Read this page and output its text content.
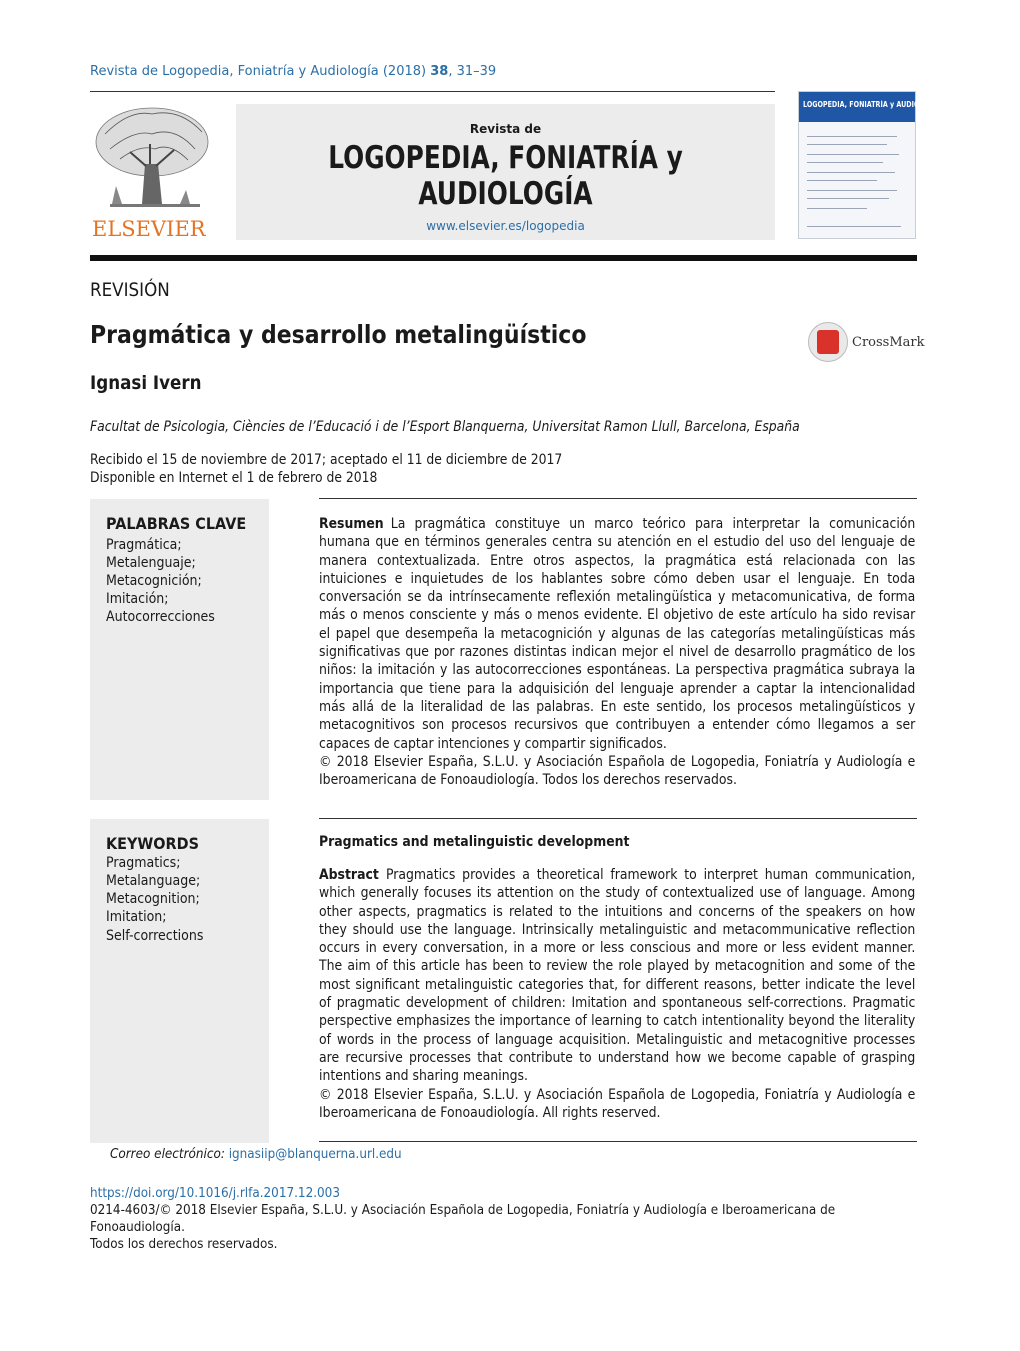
Revista de Logopedia, Foniatría y Audiología (2018) 38, 31–39
ELSEVIER
Revista de
LOGOPEDIA, FONIATRÍA y AUDIOLOGÍA
www.elsevier.es/logopedia
LOGOPEDIA, FONIATRÍA y AUDIOLOGÍA
REVISIÓN
Pragmática y desarrollo metalingüístico	CrossMark
Ignasi Ivern
Facultat de Psicologia, Ciències de l’Educació i de l’Esport Blanquerna, Universitat Ramon Llull, Barcelona, España
Recibido el 15 de noviembre de 2017; aceptado el 11 de diciembre de 2017
Disponible en Internet el 1 de febrero de 2018
PALABRAS CLAVE
Pragmática;
Metalenguaje;
Metacognición;
Imitación;
Autocorrecciones

Resumen La pragmática constituye un marco teórico para interpretar la comunicación humana que en términos generales centra su atención en el estudio del uso del lenguaje de manera contextualizada. Entre otros aspectos, la pragmática está relacionada con las intuiciones e inquietudes de los hablantes sobre cómo deben usar el lenguaje. En toda conversación se da intrínsecamente reflexión metalingüística y metacomunicativa, de forma más o menos consciente y más o menos evidente. El objetivo de este artículo ha sido revisar el papel que desempeña la metacognición y algunas de las categorías metalingüísticas más significativas que por razones distintas indican mejor el nivel de desarrollo pragmático de los niños: la imitación y las autocorrecciones espontáneas. La perspectiva pragmática subraya la importancia que tiene para la adquisición del lenguaje aprender a captar la intencionalidad más allá de la literalidad de las palabras. En este sentido, los procesos metalingüísticos y metacognitivos son procesos recursivos que contribuyen a entender cómo llegamos a ser capaces de captar intenciones y compartir significados.

© 2018 Elsevier España, S.L.U. y Asociación Española de Logopedia, Foniatría y Audiología e Iberoamericana de Fonoaudiología. Todos los derechos reservados.

KEYWORDS
Pragmatics;
Metalanguage;
Metacognition;
Imitation;
Self-corrections
Pragmatics and metalinguistic development

Abstract Pragmatics provides a theoretical framework to interpret human communication, which generally focuses its attention on the study of contextualized use of language. Among other aspects, pragmatics is related to the intuitions and concerns of the speakers on how they should use the language. Intrinsically metalinguistic and metacommunicative reflection occurs in every conversation, in a more or less conscious and more or less evident manner. The aim of this article has been to review the role played by metacognition and some of the most significant metalinguistic categories that, for different reasons, better indicate the level of pragmatic development of children: Imitation and spontaneous self-corrections. Pragmatic perspective emphasizes the importance of learning to catch intentionality beyond the literality of words in the process of language acquisition. Metalinguistic and metacognitive processes are recursive processes that contribute to understand how we become capable of grasping intentions and sharing meanings.

© 2018 Elsevier España, S.L.U. y Asociación Española de Logopedia, Foniatría y Audiología e Iberoamericana de Fonoaudiología. All rights reserved.

Correo electrónico: ignasiip@blanquerna.url.edu
https://doi.org/10.1016/j.rlfa.2017.12.003
0214-4603/© 2018 Elsevier España, S.L.U. y Asociación Española de Logopedia, Foniatría y Audiología e Iberoamericana de Fonoaudiología.
Todos los derechos reservados.
